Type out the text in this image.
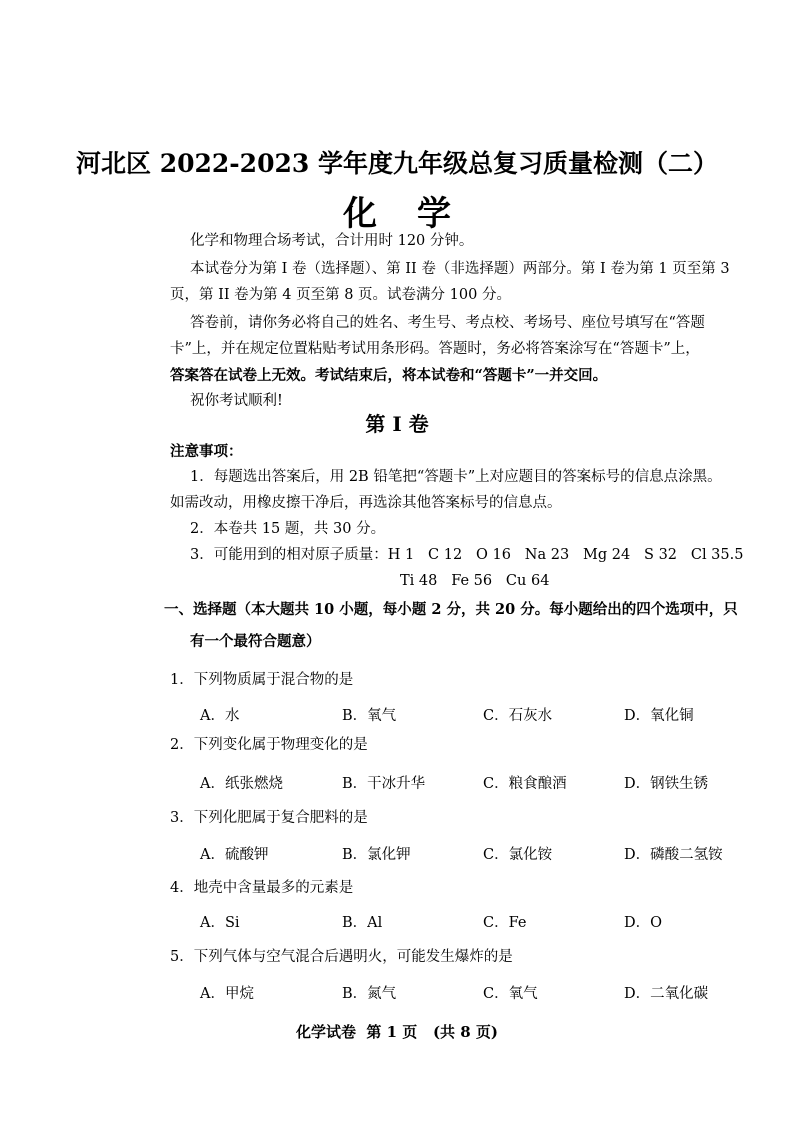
河北区 2022-2023 学年度九年级总复习质量检测（二）
化学
化学和物理合场考试，合计用时 120 分钟。
本试卷分为第 I 卷（选择题）、第 II 卷（非选择题）两部分。第 I 卷为第 1 页至第 3
页，第 II 卷为第 4 页至第 8 页。试卷满分 100 分。
答卷前，请你务必将自己的姓名、考生号、考点校、考场号、座位号填写在“答题
卡”上，并在规定位置粘贴考试用条形码。答题时，务必将答案涂写在“答题卡”上，
答案答在试卷上无效。考试结束后，将本试卷和“答题卡”一并交回。
祝你考试顺利!
第 I 卷
注意事项：
1．每题选出答案后，用 2B 铅笔把“答题卡”上对应题目的答案标号的信息点涂黑。
如需改动，用橡皮擦干净后，再选涂其他答案标号的信息点。
2．本卷共 15 题，共 30 分。
3．可能用到的相对原子质量：H 1   C 12   O 16   Na 23   Mg 24   S 32   Cl 35.5
Ti 48   Fe 56   Cu 64
一、选择题（本大题共 10 小题，每小题 2 分，共 20 分。每小题给出的四个选项中，只
有一个最符合题意）
1．下列物质属于混合物的是
A．水	B．氧气	C．石灰水	D．氧化铜
2．下列变化属于物理变化的是
A．纸张燃烧	B．干冰升华	C．粮食酿酒	D．钢铁生锈
3．下列化肥属于复合肥料的是
A．硫酸钾	B．氯化钾	C．氯化铵	D．磷酸二氢铵
4．地壳中含量最多的元素是
A．Si	B．Al	C．Fe	D．O
5．下列气体与空气混合后遇明火，可能发生爆炸的是
A．甲烷	B．氮气	C．氧气	D．二氧化碳
化学试卷  第 1 页   (共 8 页)
